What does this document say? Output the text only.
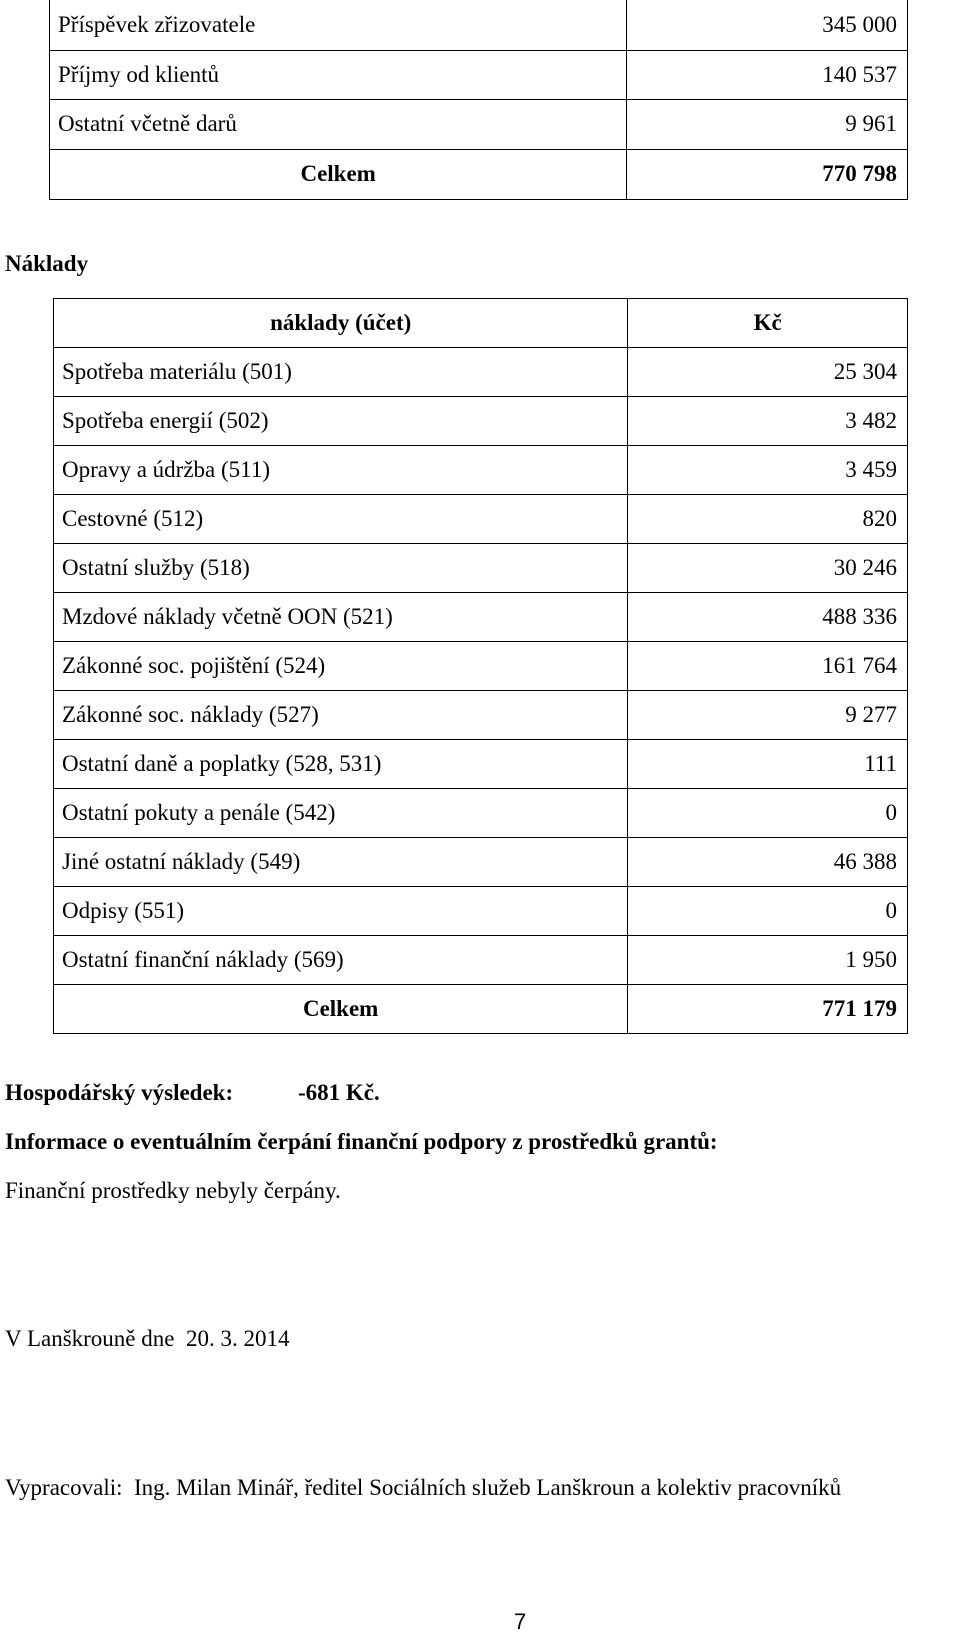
Příspěvek zřizovatele	345 000
Příjmy od klientů	140 537
Ostatní včetně darů	9 961
Celkem	770 798
Náklady
náklady (účet)	Kč
Spotřeba materiálu (501)	25 304
Spotřeba energií (502)	3 482
Opravy a údržba (511)	3 459
Cestovné (512)	820
Ostatní služby (518)	30 246
Mzdové náklady včetně OON (521)	488 336
Zákonné soc. pojištění (524)	161 764
Zákonné soc. náklady (527)	9 277
Ostatní daně a poplatky (528, 531)	111
Ostatní pokuty a penále (542)	0
Jiné ostatní náklady (549)	46 388
Odpisy (551)	0
Ostatní finanční náklady (569)	1 950
Celkem	771 179
Hospodářský výsledek:	-681 Kč.
Informace o eventuálním čerpání finanční podpory z prostředků grantů:
Finanční prostředky nebyly čerpány.
V Lanškrouně dne 20. 3. 2014
Vypracovali: Ing. Milan Minář, ředitel Sociálních služeb Lanškroun a kolektiv pracovníků
7
